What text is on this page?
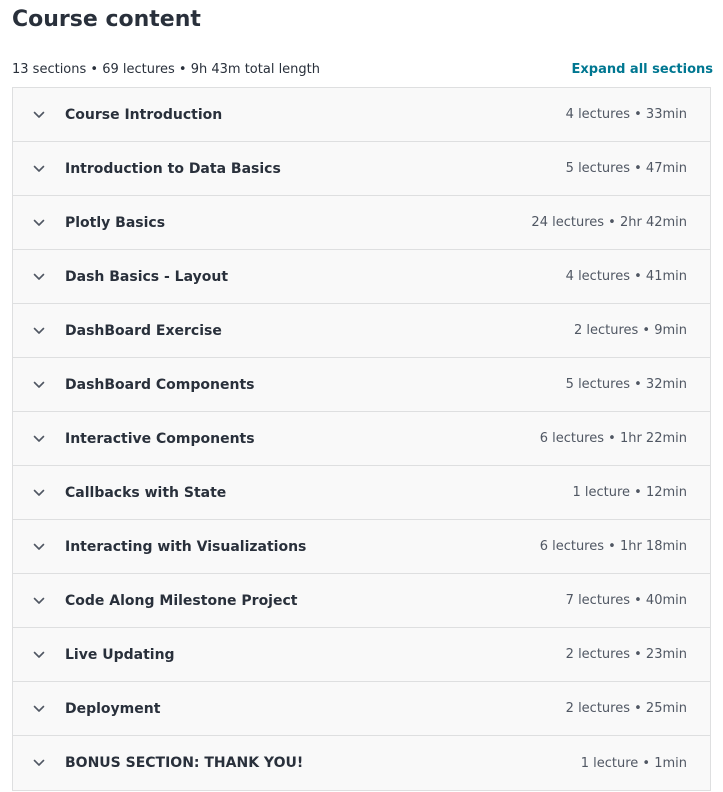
Course content
13 sections • 69 lectures • 9h 43m total length	Expand all sections
Course Introduction	4 lectures • 33min
Introduction to Data Basics	5 lectures • 47min
Plotly Basics	24 lectures • 2hr 42min
Dash Basics - Layout	4 lectures • 41min
DashBoard Exercise	2 lectures • 9min
DashBoard Components	5 lectures • 32min
Interactive Components	6 lectures • 1hr 22min
Callbacks with State	1 lecture • 12min
Interacting with Visualizations	6 lectures • 1hr 18min
Code Along Milestone Project	7 lectures • 40min
Live Updating	2 lectures • 23min
Deployment	2 lectures • 25min
BONUS SECTION: THANK YOU!	1 lecture • 1min
